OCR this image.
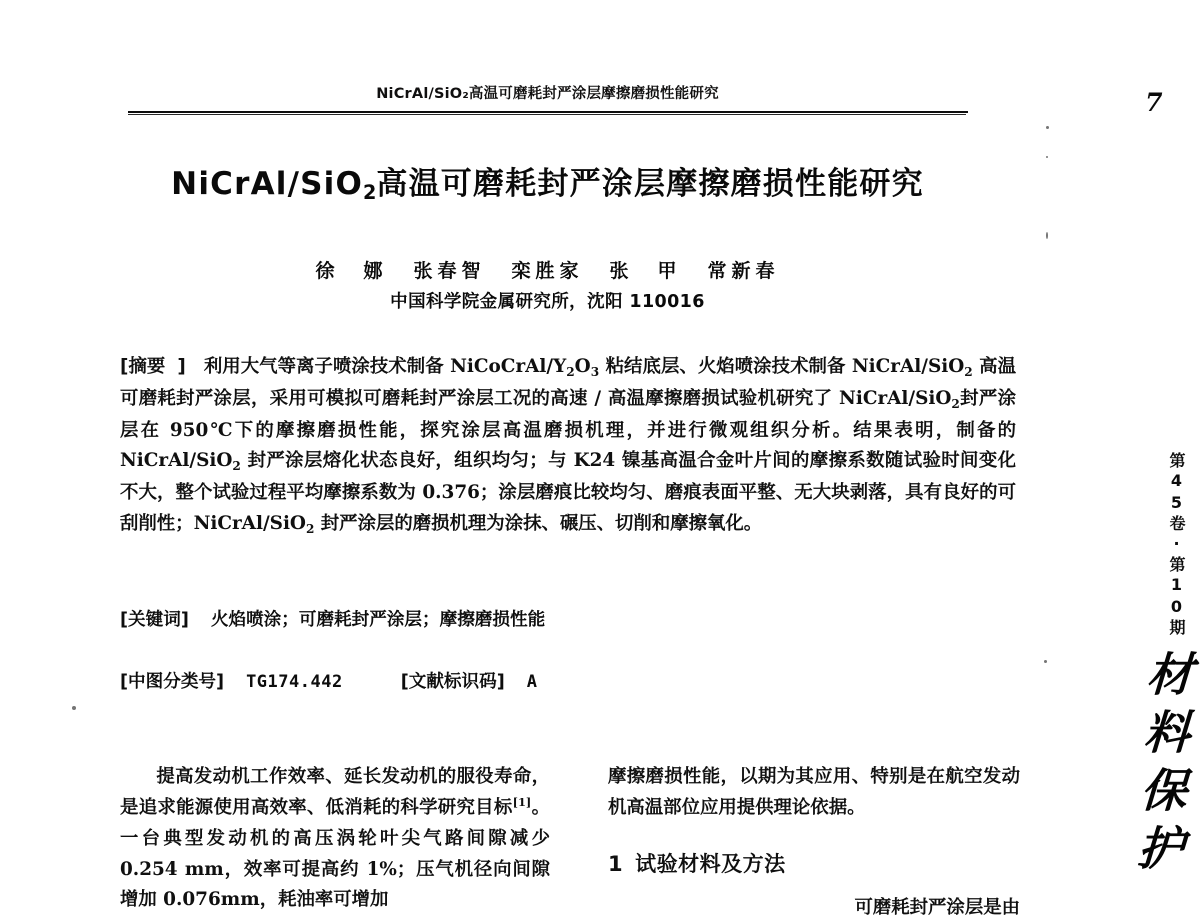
NiCrAl/SiO₂高温可磨耗封严涂层摩擦磨损性能研究	7
NiCrAl/SiO$_2$高温可磨耗封严涂层摩擦磨损性能研究
徐　娜 张春智 栾胜家 张　甲 常新春
中国科学院金属研究所，沈阳 110016
[摘要] 利用大气等离子喷涂技术制备 NiCoCrAl/$Y_2O_3$ 粘结底层、火焰喷涂技术制备 NiCrAl/SiO$_2$ 高温可磨耗封严涂层，采用可模拟可磨耗封严涂层工况的高速 / 高温摩擦磨损试验机研究了 NiCrAl/SiO$_2$封严涂层在 950℃下的摩擦磨损性能，探究涂层高温磨损机理，并进行微观组织分析。结果表明，制备的 NiCrAl/SiO$_2$ 封严涂层熔化状态良好，组织均匀；与 K24 镍基高温合金叶片间的摩擦系数随试验时间变化不大，整个试验过程平均摩擦系数为 0.376；涂层磨痕比较均匀、磨痕表面平整、无大块剥落，具有良好的可刮削性；NiCrAl/SiO$_2$ 封严涂层的磨损机理为涂抹、碾压、切削和摩擦氧化。
[关键词] 火焰喷涂；可磨耗封严涂层；摩擦磨损性能
[中图分类号] TG174.442	[文献标识码] A

提高发动机工作效率、延长发动机的服役寿命，是追求能源使用高效率、低消耗的科学研究目标[1]。一台典型发动机的高压涡轮叶尖气路间隙减少 0.254 mm，效率可提高约 1%；压气机径向间隙增加 0.076mm，耗油率可增加

摩擦磨损性能，以期为其应用、特别是在航空发动机高温部位应用提供理论依据。

1 试验材料及方法
可磨耗封严涂层是由
第45卷·第10期
材料保护
